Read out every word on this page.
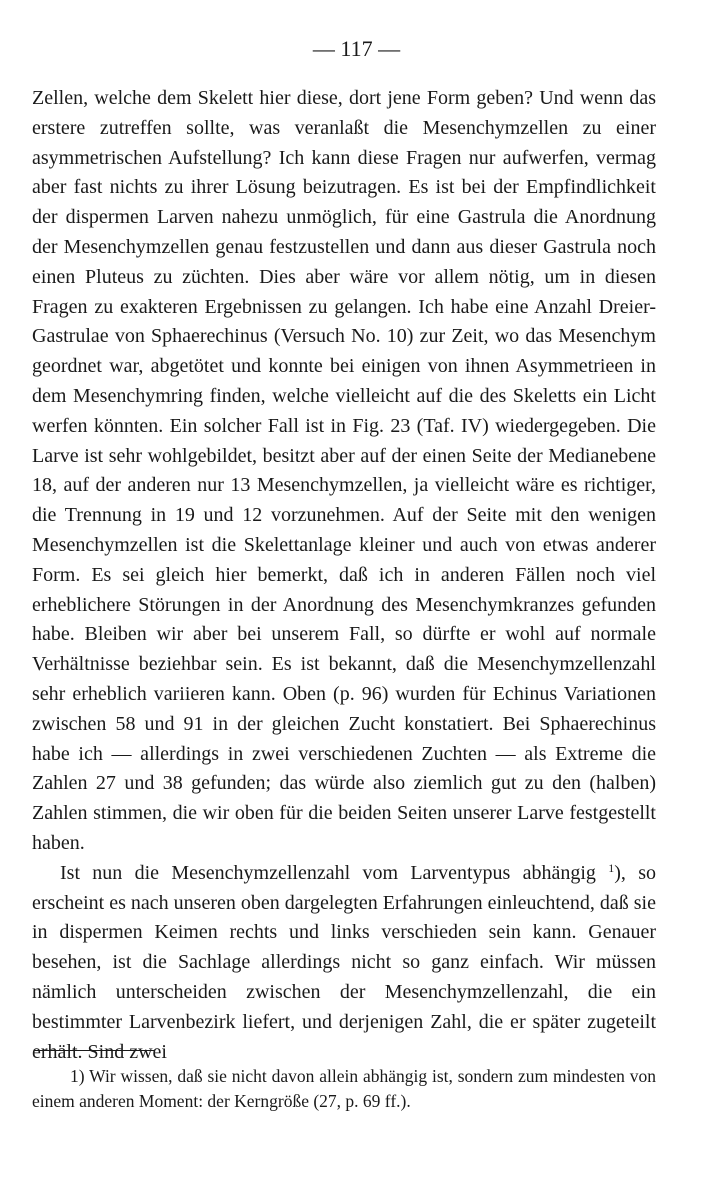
— 117 —

Zellen, welche dem Skelett hier diese, dort jene Form geben? Und wenn das erstere zutreffen sollte, was veranlaßt die Mesenchymzellen zu einer asymmetrischen Aufstellung? Ich kann diese Fragen nur aufwerfen, vermag aber fast nichts zu ihrer Lösung beizutragen. Es ist bei der Empfindlichkeit der dispermen Larven nahezu unmöglich, für eine Gastrula die Anordnung der Mesenchymzellen genau festzustellen und dann aus dieser Gastrula noch einen Pluteus zu züchten. Dies aber wäre vor allem nötig, um in diesen Fragen zu exakteren Ergebnissen zu gelangen. Ich habe eine Anzahl Dreier-Gastrulae von Sphaerechinus (Versuch No. 10) zur Zeit, wo das Mesenchym geordnet war, abgetötet und konnte bei einigen von ihnen Asymmetrieen in dem Mesenchymring finden, welche vielleicht auf die des Skeletts ein Licht werfen könnten. Ein solcher Fall ist in Fig. 23 (Taf. IV) wiedergegeben. Die Larve ist sehr wohlgebildet, besitzt aber auf der einen Seite der Medianebene 18, auf der anderen nur 13 Mesenchymzellen, ja vielleicht wäre es richtiger, die Trennung in 19 und 12 vorzunehmen. Auf der Seite mit den wenigen Mesenchymzellen ist die Skelettanlage kleiner und auch von etwas anderer Form. Es sei gleich hier bemerkt, daß ich in anderen Fällen noch viel erheblichere Störungen in der Anordnung des Mesenchymkranzes gefunden habe. Bleiben wir aber bei unserem Fall, so dürfte er wohl auf normale Verhältnisse beziehbar sein. Es ist bekannt, daß die Mesenchymzellenzahl sehr erheblich variieren kann. Oben (p. 96) wurden für Echinus Variationen zwischen 58 und 91 in der gleichen Zucht konstatiert. Bei Sphaerechinus habe ich — allerdings in zwei verschiedenen Zuchten — als Extreme die Zahlen 27 und 38 gefunden; das würde also ziemlich gut zu den (halben) Zahlen stimmen, die wir oben für die beiden Seiten unserer Larve festgestellt haben.

Ist nun die Mesenchymzellenzahl vom Larventypus abhängig $^1$), so erscheint es nach unseren oben dargelegten Erfahrungen einleuchtend, daß sie in dispermen Keimen rechts und links verschieden sein kann. Genauer besehen, ist die Sachlage allerdings nicht so ganz einfach. Wir müssen nämlich unterscheiden zwischen der Mesenchymzellenzahl, die ein bestimmter Larvenbezirk liefert, und derjenigen Zahl, die er später zugeteilt erhält. Sind zwei

1) Wir wissen, daß sie nicht davon allein abhängig ist, sondern zum mindesten von einem anderen Moment: der Kerngröße (27, p. 69 ff.).
